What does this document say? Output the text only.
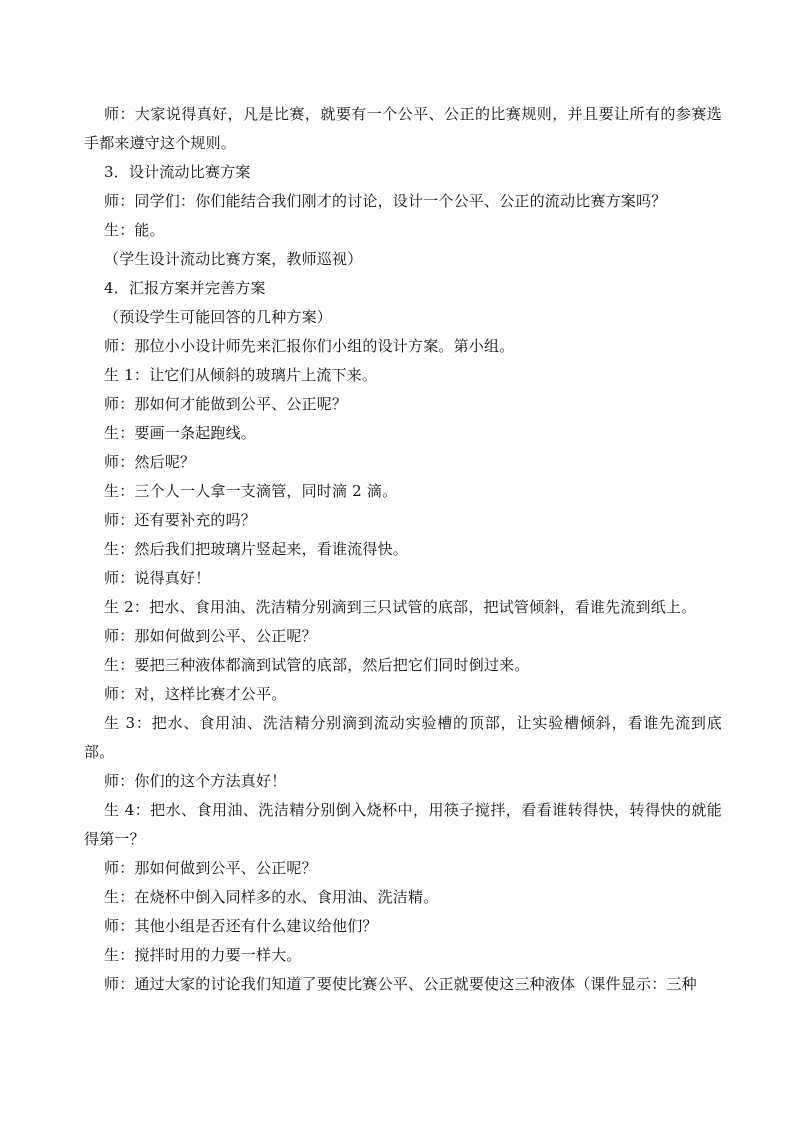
师：大家说得真好，凡是比赛，就要有一个公平、公正的比赛规则，并且要让所有的参赛选手都来遵守这个规则。

3．设计流动比赛方案

师：同学们：你们能结合我们刚才的讨论，设计一个公平、公正的流动比赛方案吗？

生：能。

（学生设计流动比赛方案，教师巡视）

4．汇报方案并完善方案

（预设学生可能回答的几种方案）

师：那位小小设计师先来汇报你们小组的设计方案。第小组。

生 1：让它们从倾斜的玻璃片上流下来。

师：那如何才能做到公平、公正呢？

生：要画一条起跑线。

师：然后呢？

生：三个人一人拿一支滴管，同时滴 2 滴。

师：还有要补充的吗？

生：然后我们把玻璃片竖起来，看谁流得快。

师：说得真好！

生 2：把水、食用油、洗洁精分别滴到三只试管的底部，把试管倾斜，看谁先流到纸上。

师：那如何做到公平、公正呢？

生：要把三种液体都滴到试管的底部，然后把它们同时倒过来。

师：对，这样比赛才公平。

生 3：把水、食用油、洗洁精分别滴到流动实验槽的顶部，让实验槽倾斜，看谁先流到底部。

师：你们的这个方法真好！

生 4：把水、食用油、洗洁精分别倒入烧杯中，用筷子搅拌，看看谁转得快，转得快的就能得第一？

师：那如何做到公平、公正呢？

生：在烧杯中倒入同样多的水、食用油、洗洁精。

师：其他小组是否还有什么建议给他们？

生：搅拌时用的力要一样大。

师：通过大家的讨论我们知道了要使比赛公平、公正就要使这三种液体（课件显示：三种
